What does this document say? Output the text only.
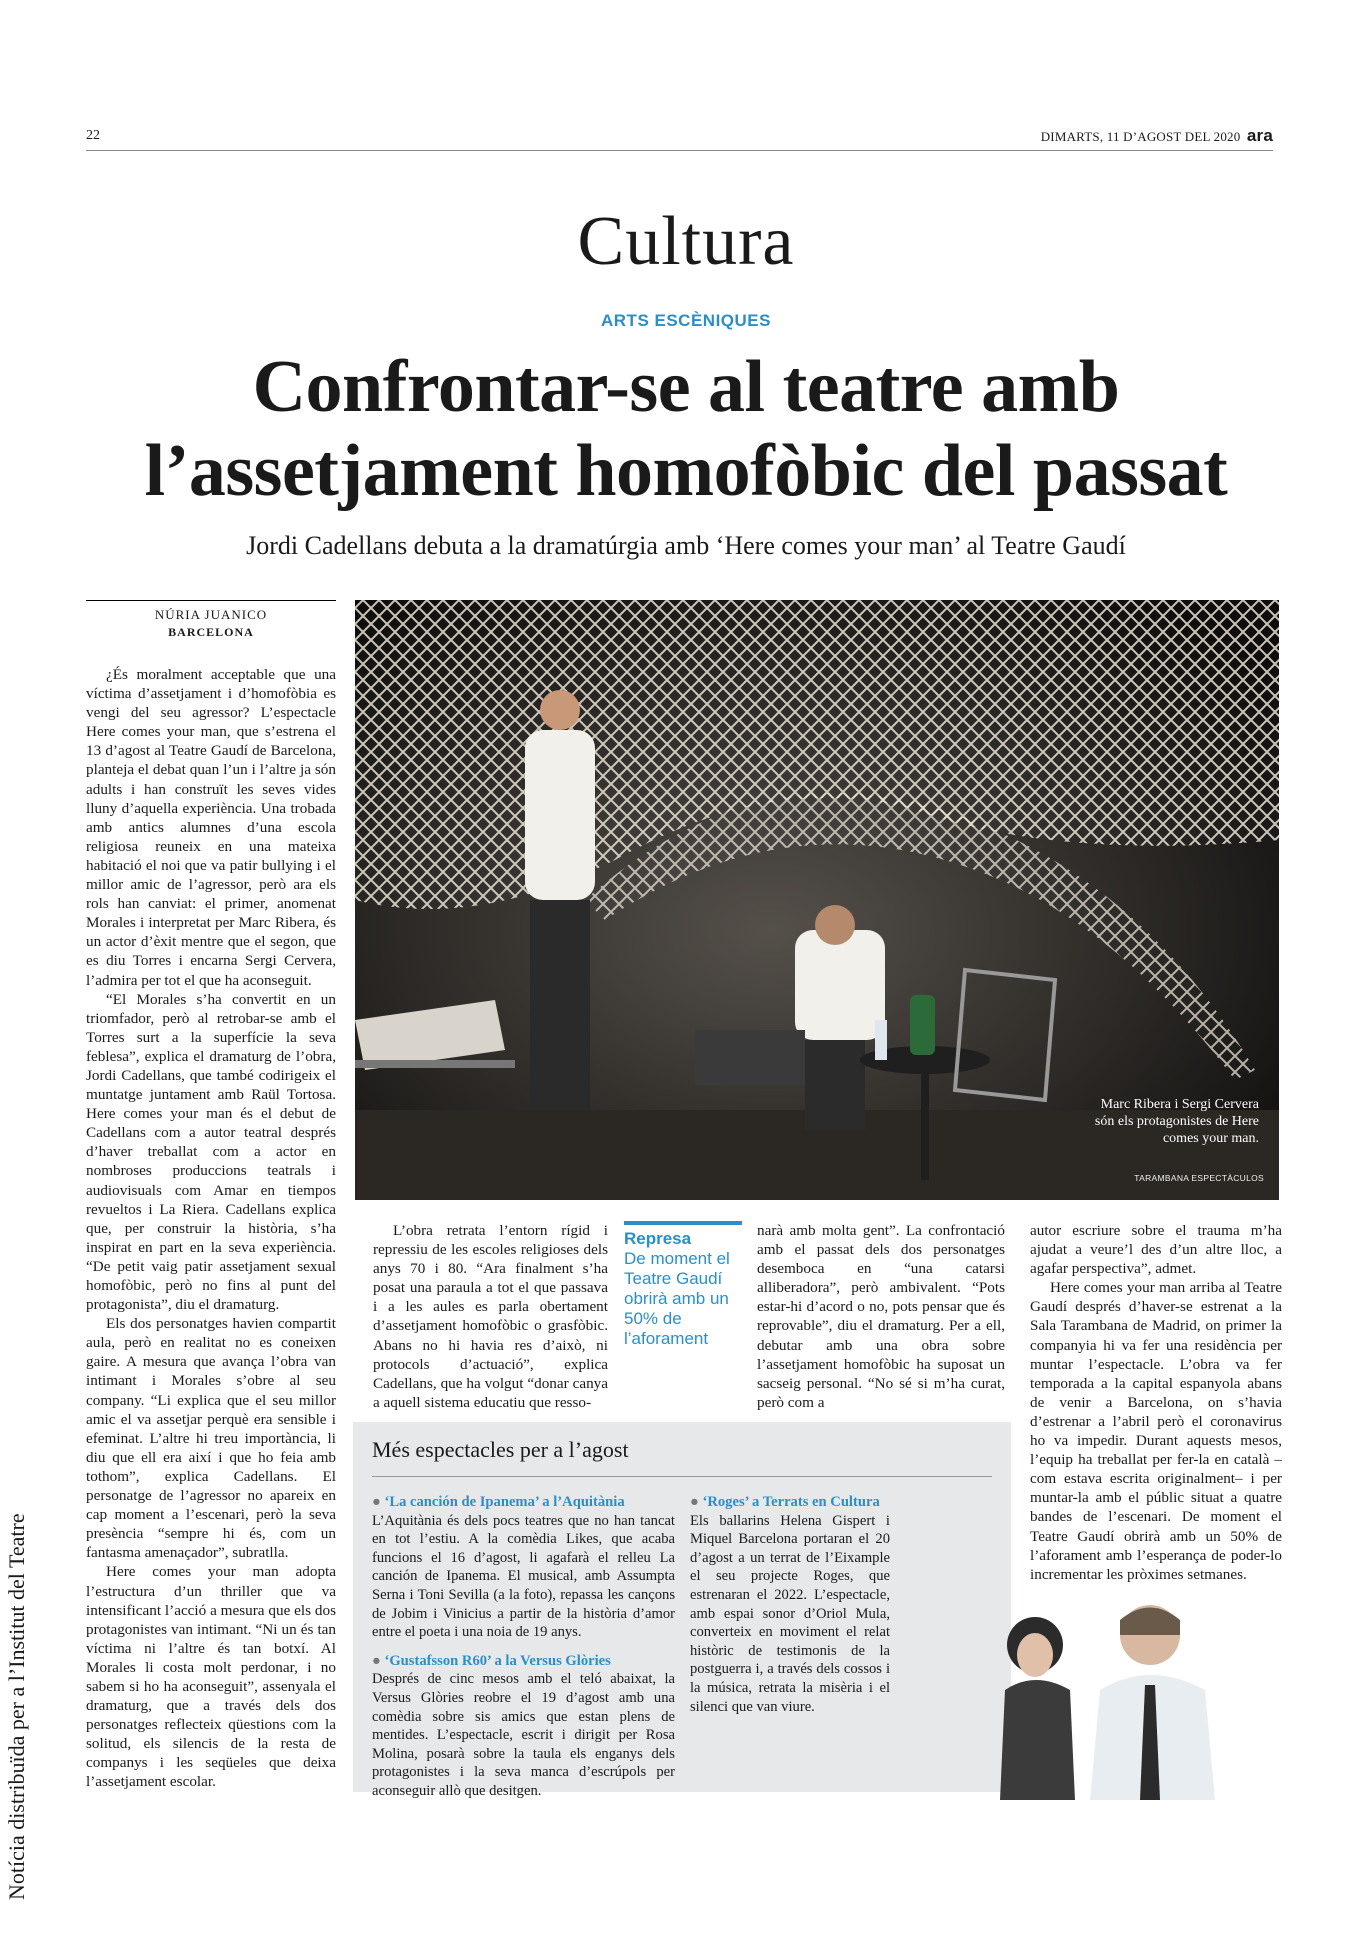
22	DIMARTS, 11 D’AGOST DEL 2020 ara
Cultura
ARTS ESCÈNIQUES
Confrontar-se al teatre amb
l’assetjament homofòbic del passat
Jordi Cadellans debuta a la dramatúrgia amb ‘Here comes your man’ al Teatre Gaudí
NÚRIA JUANICO
BARCELONA

¿És moralment acceptable que una víctima d’assetjament i d’homofòbia es vengi del seu agressor? L’espectacle Here comes your man, que s’estrena el 13 d’agost al Teatre Gaudí de Barcelona, planteja el debat quan l’un i l’altre ja són adults i han construït les seves vides lluny d’aquella experiència. Una trobada amb antics alumnes d’una escola religiosa reuneix en una mateixa habitació el noi que va patir bullying i el millor amic de l’agressor, però ara els rols han canviat: el primer, anomenat Morales i interpretat per Marc Ribera, és un actor d’èxit mentre que el segon, que es diu Torres i encarna Sergi Cervera, l’admira per tot el que ha aconseguit.

“El Morales s’ha convertit en un triomfador, però al retrobar-se amb el Torres surt a la superfície la seva feblesa”, explica el dramaturg de l’obra, Jordi Cadellans, que també codirigeix el muntatge juntament amb Raül Tortosa. Here comes your man és el debut de Cadellans com a autor teatral després d’haver treballat com a actor en nombroses produccions teatrals i audiovisuals com Amar en tiempos revueltos i La Riera. Cadellans explica que, per construir la història, s’ha inspirat en part en la seva experiència. “De petit vaig patir assetjament sexual homofòbic, però no fins al punt del protagonista”, diu el dramaturg.

Els dos personatges havien compartit aula, però en realitat no es coneixen gaire. A mesura que avança l’obra van intimant i Morales s’obre al seu company. “Li explica que el seu millor amic el va assetjar perquè era sensible i efeminat. L’altre hi treu importància, li diu que ell era així i que ho feia amb tothom”, explica Cadellans. El personatge de l’agressor no apareix en cap moment a l’escenari, però la seva presència “sempre hi és, com un fantasma amenaçador”, subratlla.

Here comes your man adopta l’estructura d’un thriller que va intensificant l’acció a mesura que els dos protagonistes van intimant. “Ni un és tan víctima ni l’altre és tan botxí. Al Morales li costa molt perdonar, i no sabem si ho ha aconseguit”, assenyala el dramaturg, que a través dels dos personatges reflecteix qüestions com la solitud, els silencis de la resta de companys i les seqüeles que deixa l’assetjament escolar.

Marc Ribera i Sergi Cervera són els protagonistes de Here comes your man.
TARAMBANA ESPECTÀCULOS

L’obra retrata l’entorn rígid i repressiu de les escoles religioses dels anys 70 i 80. “Ara finalment s’ha posat una paraula a tot el que passava i a les aules es parla obertament d’assetjament homofòbic o grasfòbic. Abans no hi havia res d’això, ni protocols d’actuació”, explica Cadellans, que ha volgut “donar canya a aquell sistema educatiu que resso-

Represa
De moment el Teatre Gaudí obrirà amb un 50% de l’aforament

narà amb molta gent”. La confrontació amb el passat dels dos personatges desemboca en “una catarsi alliberadora”, però ambivalent. “Pots estar-hi d’acord o no, pots pensar que és reprovable”, diu el dramaturg. Per a ell, debutar amb una obra sobre l’assetjament homofòbic ha suposat un sacseig personal. “No sé si m’ha curat, però com a

autor escriure sobre el trauma m’ha ajudat a veure’l des d’un altre lloc, a agafar perspectiva”, admet.

Here comes your man arriba al Teatre Gaudí després d’haver-se estrenat a la Sala Tarambana de Madrid, on primer la companyia hi va fer una residència per muntar l’espectacle. L’obra va fer temporada a la capital espanyola abans de venir a Barcelona, on s’havia d’estrenar a l’abril però el coronavirus ho va impedir. Durant aquests mesos, l’equip ha treballat per fer-la en català –com estava escrita originalment– i per muntar-la amb el públic situat a quatre bandes de l’escenari. De moment el Teatre Gaudí obrirà amb un 50% de l’aforament amb l’esperança de poder-lo incrementar les pròximes setmanes.

Més espectacles per a l’agost
● ‘La canción de Ipanema’ a l’Aquitània
L’Aquitània és dels pocs teatres que no han tancat en tot l’estiu. A la comèdia Likes, que acaba funcions el 16 d’agost, li agafarà el relleu La canción de Ipanema. El musical, amb Assumpta Serna i Toni Sevilla (a la foto), repassa les cançons de Jobim i Vinicius a partir de la història d’amor entre el poeta i una noia de 19 anys.
● ‘Gustafsson R60’ a la Versus Glòries
Després de cinc mesos amb el teló abaixat, la Versus Glòries reobre el 19 d’agost amb una comèdia sobre sis amics que estan plens de mentides. L’espectacle, escrit i dirigit per Rosa Molina, posarà sobre la taula els enganys dels protagonistes i la seva manca d’escrúpols per aconseguir allò que desitgen.
● ‘Roges’ a Terrats en Cultura
Els ballarins Helena Gispert i Miquel Barcelona portaran el 20 d’agost a un terrat de l’Eixample el seu projecte Roges, que estrenaran el 2022. L’espectacle, amb espai sonor d’Oriol Mula, converteix en moviment el relat històric de testimonis de la postguerra i, a través dels cossos i la música, retrata la misèria i el silenci que van viure.
Notícia distribuïda per a l’Institut del Teatre
